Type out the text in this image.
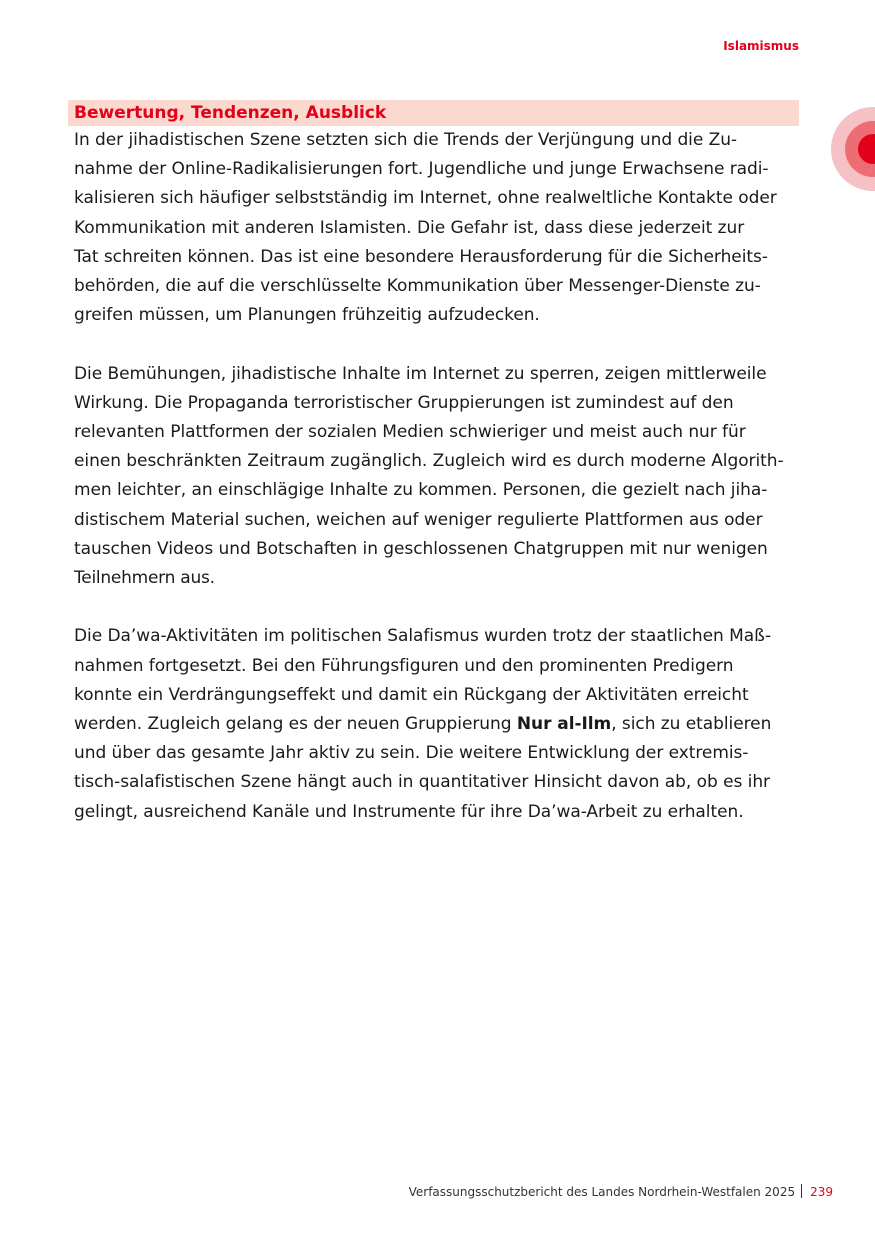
Islamismus
Bewertung, Tendenzen, Ausblick

In der jihadistischen Szene setzten sich die Trends der Verjüngung und die Zu-
nahme der Online-Radikalisierungen fort. Jugendliche und junge Erwachsene radi-
kalisieren sich häufiger selbstständig im Internet, ohne realweltliche Kontakte oder
Kommunikation mit anderen Islamisten. Die Gefahr ist, dass diese jederzeit zur
Tat schreiten können. Das ist eine besondere Herausforderung für die Sicherheits-
behörden, die auf die verschlüsselte Kommunikation über Messenger-Dienste zu-
greifen müssen, um Planungen frühzeitig aufzudecken.

Die Bemühungen, jihadistische Inhalte im Internet zu sperren, zeigen mittlerweile
Wirkung. Die Propaganda terroristischer Gruppierungen ist zumindest auf den
relevanten Plattformen der sozialen Medien schwieriger und meist auch nur für
einen beschränkten Zeitraum zugänglich. Zugleich wird es durch moderne Algorith-
men leichter, an einschlägige Inhalte zu kommen. Personen, die gezielt nach jiha-
distischem Material suchen, weichen auf weniger regulierte Plattformen aus oder
tauschen Videos und Botschaften in geschlossenen Chatgruppen mit nur wenigen
Teilnehmern aus.

Die Da’wa-Aktivitäten im politischen Salafismus wurden trotz der staatlichen Maß-
nahmen fortgesetzt. Bei den Führungsfiguren und den prominenten Predigern
konnte ein Verdrängungseffekt und damit ein Rückgang der Aktivitäten erreicht
werden. Zugleich gelang es der neuen Gruppierung Nur al-Ilm, sich zu etablieren
und über das gesamte Jahr aktiv zu sein. Die weitere Entwicklung der extremis-
tisch-salafistischen Szene hängt auch in quantitativer Hinsicht davon ab, ob es ihr
gelingt, ausreichend Kanäle und Instrumente für ihre Da’wa-Arbeit zu erhalten.

Verfassungsschutzbericht des Landes Nordrhein-Westfalen 2025 239
